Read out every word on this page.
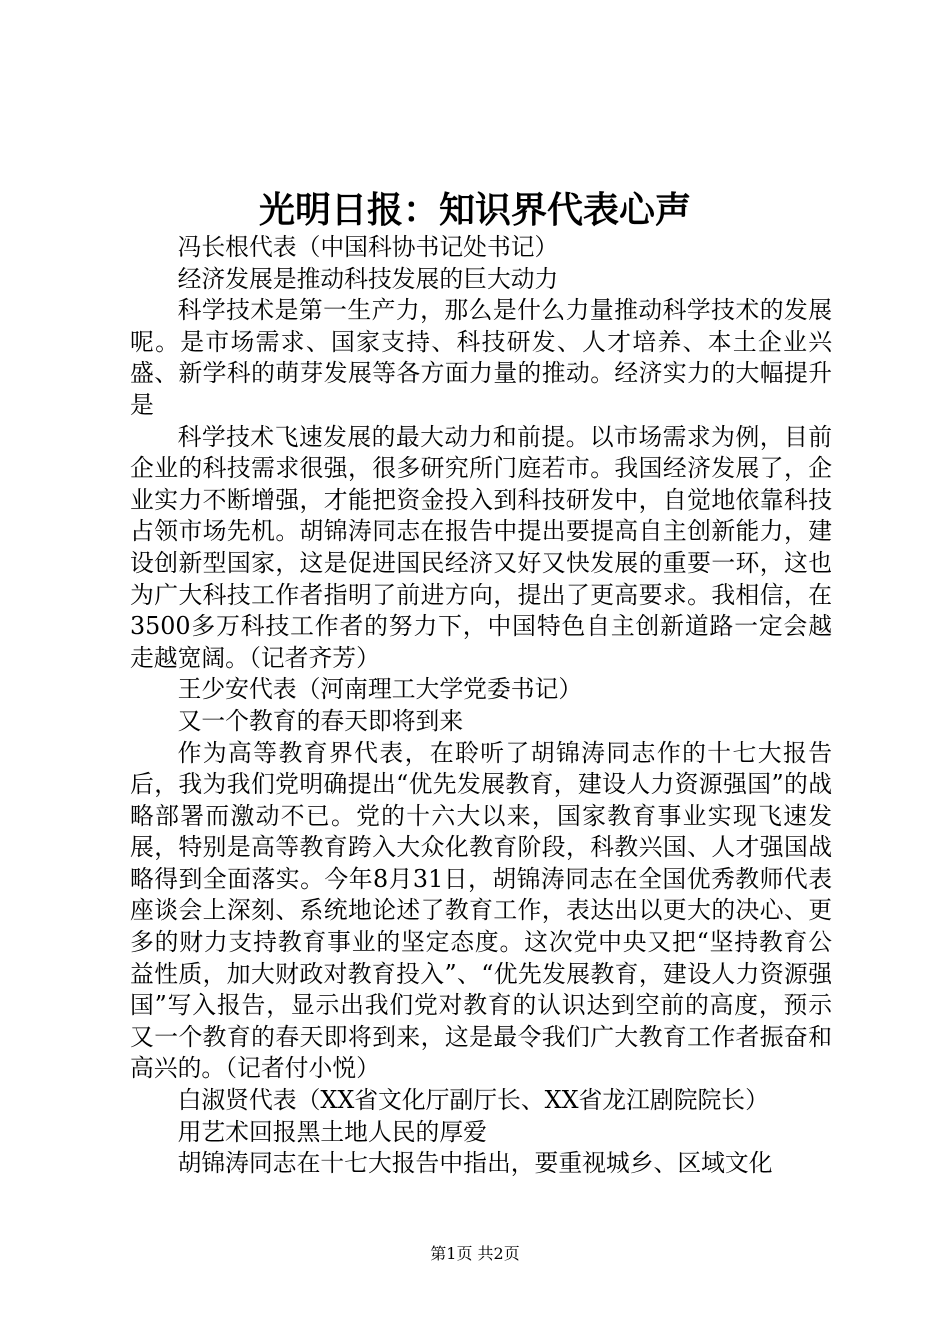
光明日报：知识界代表心声

冯长根代表（中国科协书记处书记）

经济发展是推动科技发展的巨大动力

科学技术是第一生产力，那么是什么力量推动科学技术的发展呢。是市场需求、国家支持、科技研发、人才培养、本土企业兴盛、新学科的萌芽发展等各方面力量的推动。经济实力的大幅提升是

科学技术飞速发展的最大动力和前提。以市场需求为例，目前企业的科技需求很强，很多研究所门庭若市。我国经济发展了，企业实力不断增强，才能把资金投入到科技研发中，自觉地依靠科技占领市场先机。胡锦涛同志在报告中提出要提高自主创新能力，建设创新型国家，这是促进国民经济又好又快发展的重要一环，这也为广大科技工作者指明了前进方向，提出了更高要求。我相信，在3500多万科技工作者的努力下，中国特色自主创新道路一定会越走越宽阔。（记者齐芳）

王少安代表（河南理工大学党委书记）

又一个教育的春天即将到来

作为高等教育界代表，在聆听了胡锦涛同志作的十七大报告后，我为我们党明确提出“优先发展教育，建设人力资源强国”的战略部署而激动不已。党的十六大以来，国家教育事业实现飞速发展，特别是高等教育跨入大众化教育阶段，科教兴国、人才强国战略得到全面落实。今年8月31日，胡锦涛同志在全国优秀教师代表座谈会上深刻、系统地论述了教育工作，表达出以更大的决心、更多的财力支持教育事业的坚定态度。这次党中央又把“坚持教育公益性质，加大财政对教育投入”、“优先发展教育，建设人力资源强国”写入报告，显示出我们党对教育的认识达到空前的高度，预示又一个教育的春天即将到来，这是最令我们广大教育工作者振奋和高兴的。（记者付小悦）

白淑贤代表（XX省文化厅副厅长、XX省龙江剧院院长）

用艺术回报黑土地人民的厚爱

胡锦涛同志在十七大报告中指出，要重视城乡、区域文化

第1页 共2页
